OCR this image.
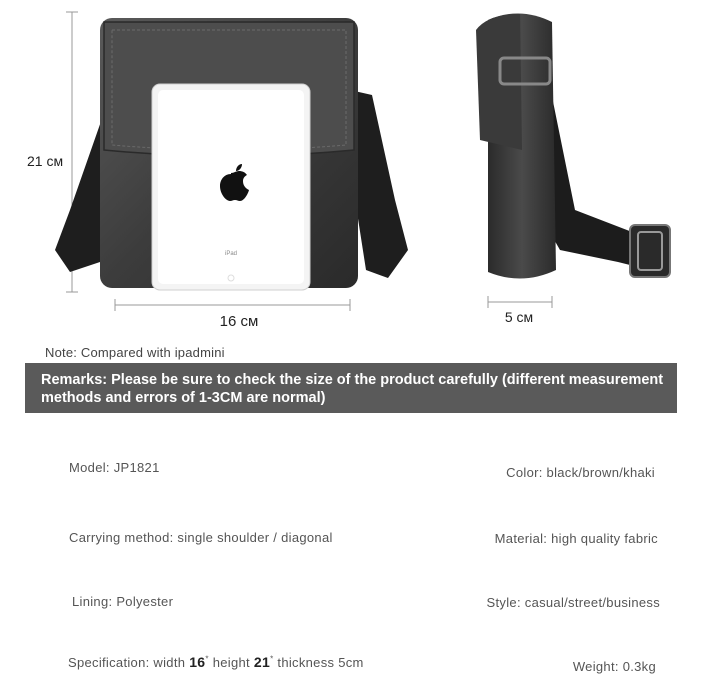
iPad
21 см
16 см	5 см
Note: Compared with ipadmini
Remarks: Please be sure to check the size of the product carefully (different measurement methods and errors of 1-3CM are normal)
Model: JP1821	Color: black/brown/khaki
Carrying method: single shoulder / diagonal	Material: high quality fabric
Lining: Polyester	Style: casual/street/business
Specification: width 16* height 21* thickness 5cm	Weight: 0.3kg
